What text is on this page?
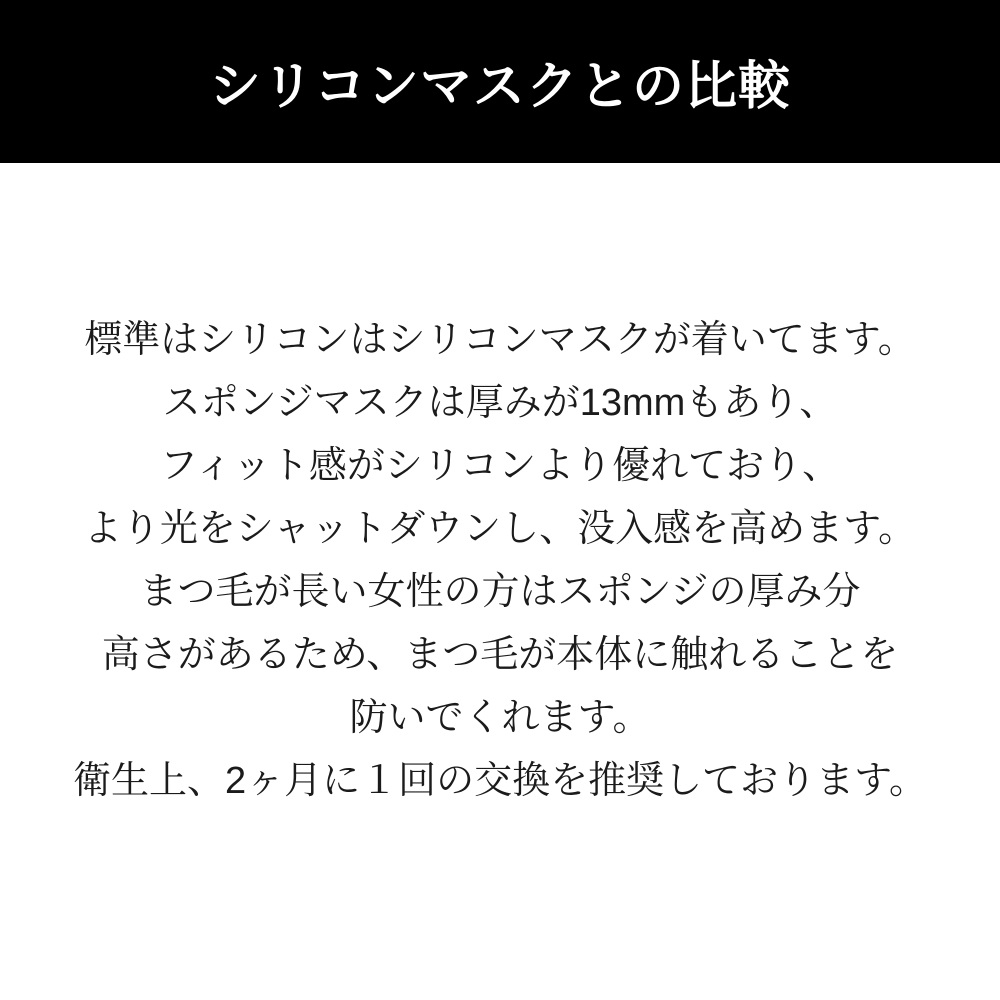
シリコンマスクとの比較

標準はシリコンはシリコンマスクが着いてます。

スポンジマスクは厚みが13mmもあり、

フィット感がシリコンより優れており、

より光をシャットダウンし、没入感を高めます。

まつ毛が長い女性の方はスポンジの厚み分

高さがあるため、まつ毛が本体に触れることを

防いでくれます。

衛生上、2ヶ月に１回の交換を推奨しております。
